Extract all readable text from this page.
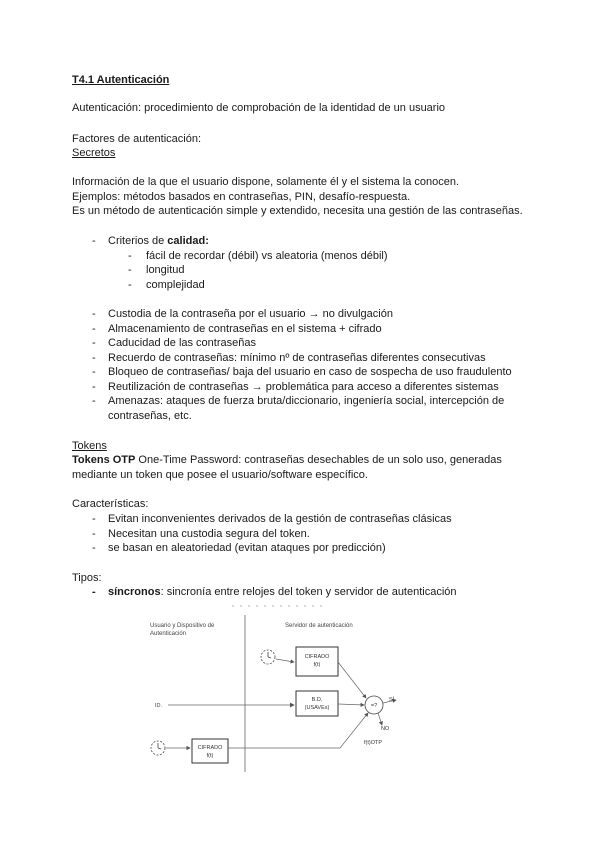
T4.1 Autenticación
Autenticación: procedimiento de comprobación de la identidad de un usuario
Factores de autenticación:
Secretos
Información de la que el usuario dispone, solamente él y el sistema la conocen.
Ejemplos: métodos basados en contraseñas, PIN, desafío-respuesta.
Es un método de autenticación simple y extendido, necesita una gestión de las contraseñas.
- Criterios de calidad:
- fácil de recordar (débil) vs aleatoria (menos débil)
- longitud
- complejidad
- Custodia de la contraseña por el usuario → no divulgación
- Almacenamiento de contraseñas en el sistema + cifrado
- Caducidad de las contraseñas
- Recuerdo de contraseñas: mínimo nº de contraseñas diferentes consecutivas
- Bloqueo de contraseñas/ baja del usuario en caso de sospecha de uso fraudulento
- Reutilización de contraseñas → problemática para acceso a diferentes sistemas
- Amenazas: ataques de fuerza bruta/diccionario, ingeniería social, intercepción de
contraseñas, etc.
Tokens
Tokens OTP One-Time Password: contraseñas desechables de un solo uso, generadas
mediante un token que posee el usuario/software específico.
Características:
- Evitan inconvenientes derivados de la gestión de contraseñas clásicas
- Necesitan una custodia segura del token.
- se basan en aleatoriedad (evitan ataques por predicción)
Tipos:
- síncronos: sincronía entre relojes del token y servidor de autenticación
Usuario y Dispositivo de
Autenticación
Servidor de autenticación
CIFRADO
f(t)
B.D.
(USAVEs)
ID.	=?
SÍ
NO
CIFRADO
f(t)
f(t)OTP
